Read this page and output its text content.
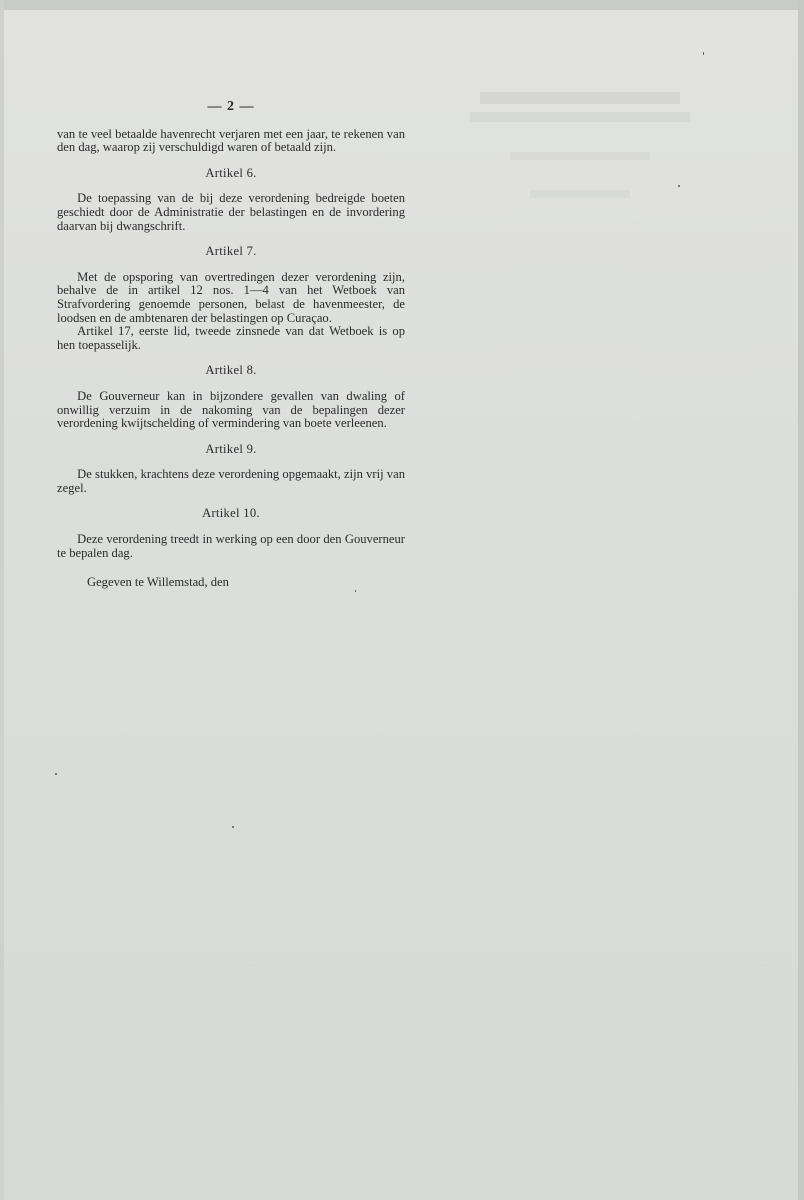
— 2 —

van te veel betaalde havenrecht verjaren met een jaar, te rekenen van den dag, waarop zij verschuldigd waren of betaald zijn.

Artikel 6.

De toepassing van de bij deze verordening bedreigde boeten geschiedt door de Administratie der belastingen en de invordering daarvan bij dwangschrift.

Artikel 7.

Met de opsporing van overtredingen dezer verordening zijn, behalve de in artikel 12 nos. 1—4 van het Wetboek van Strafvordering genoemde personen, belast de havenmeester, de loodsen en de ambtenaren der belastingen op Curaçao.

Artikel 17, eerste lid, tweede zinsnede van dat Wetboek is op hen toepasselijk.

Artikel 8.

De Gouverneur kan in bijzondere gevallen van dwaling of onwillig verzuim in de nakoming van de bepalingen dezer verordening kwijtschelding of vermindering van boete verleenen.

Artikel 9.

De stukken, krachtens deze verordening opgemaakt, zijn vrij van zegel.

Artikel 10.

Deze verordening treedt in werking op een door den Gouverneur te bepalen dag.

Gegeven te Willemstad, den
